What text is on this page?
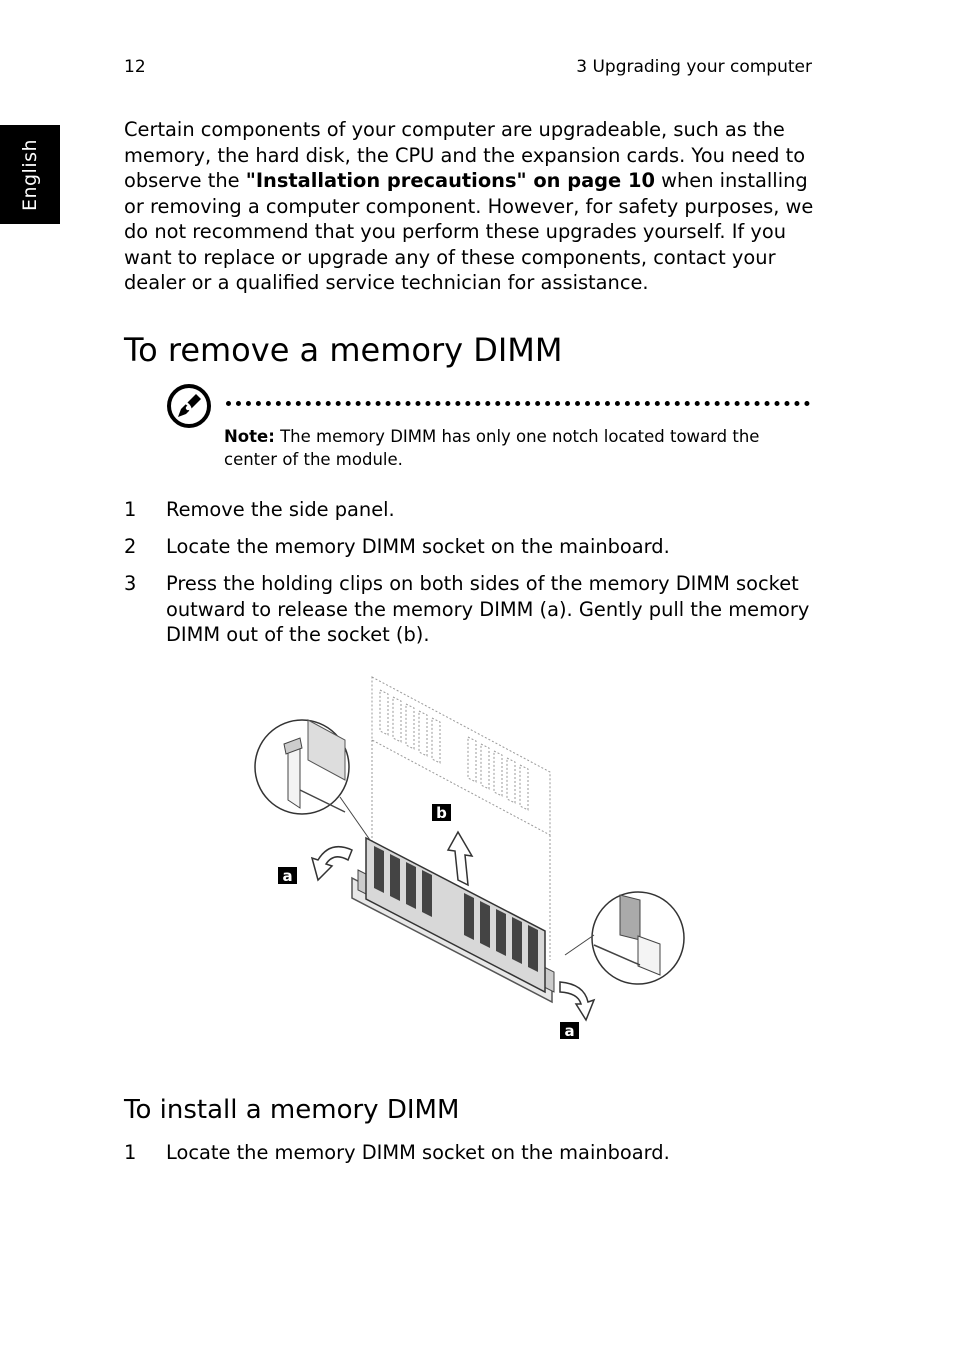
12	3 Upgrading your computer
English

Certain components of your computer are upgradeable, such as the memory, the hard disk, the CPU and the expansion cards. You need to observe the "Installation precautions" on page 10 when installing or removing a computer component. However, for safety purposes, we do not recommend that you perform these upgrades yourself. If you want to replace or upgrade any of these components, contact your dealer or a qualified service technician for assistance.

To remove a memory DIMM

Note: The memory DIMM has only one notch located toward the center of the module.

1	Remove the side panel.
2	Locate the memory DIMM socket on the mainboard.
3	Press the holding clips on both sides of the memory DIMM socket outward to release the memory DIMM (a). Gently pull the memory DIMM out of the socket (b).
b
a
a
To install a memory DIMM
1	Locate the memory DIMM socket on the mainboard.
